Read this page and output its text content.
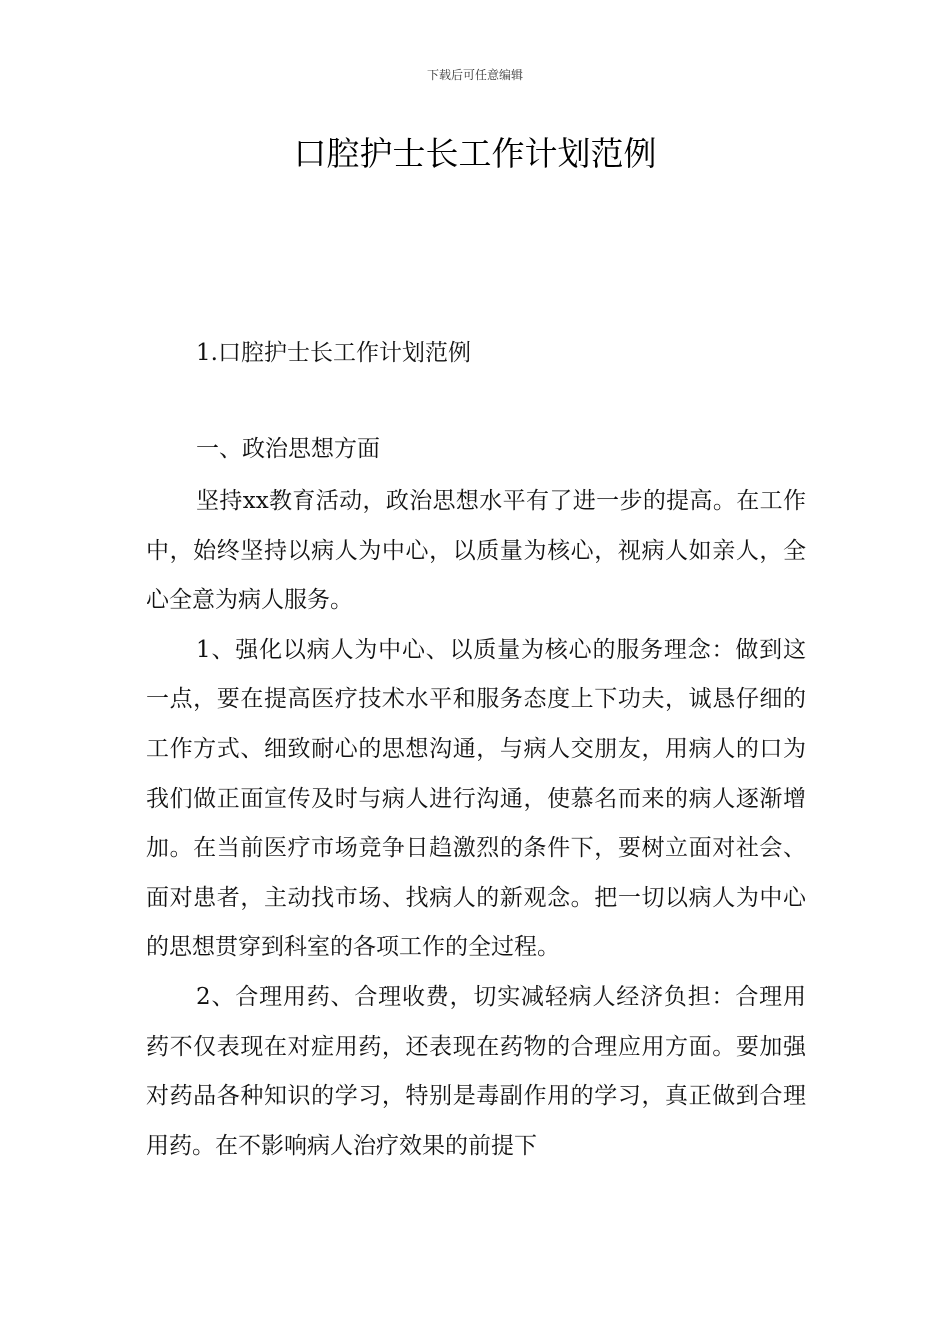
下载后可任意编辑
口腔护士长工作计划范例

1.口腔护士长工作计划范例

一、政治思想方面

坚持xx教育活动，政治思想水平有了进一步的提高。在工作中，始终坚持以病人为中心，以质量为核心，视病人如亲人，全心全意为病人服务。

1、强化以病人为中心、以质量为核心的服务理念：做到这一点，要在提高医疗技术水平和服务态度上下功夫，诚恳仔细的工作方式、细致耐心的思想沟通，与病人交朋友，用病人的口为我们做正面宣传及时与病人进行沟通，使慕名而来的病人逐渐增加。在当前医疗市场竞争日趋激烈的条件下，要树立面对社会、面对患者，主动找市场、找病人的新观念。把一切以病人为中心的思想贯穿到科室的各项工作的全过程。

2、合理用药、合理收费，切实减轻病人经济负担：合理用药不仅表现在对症用药，还表现在药物的合理应用方面。要加强对药品各种知识的学习，特别是毒副作用的学习，真正做到合理用药。在不影响病人治疗效果的前提下
